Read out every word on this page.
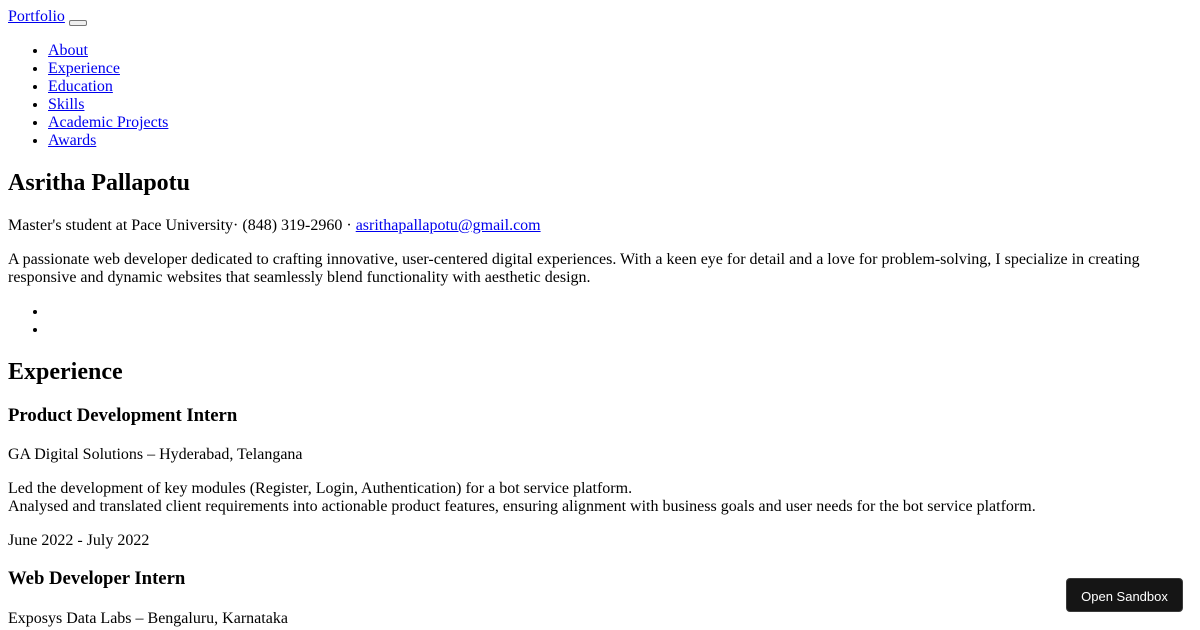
Portfolio
• About
• Experience
• Education
• Skills
• Academic Projects
• Awards
Asritha Pallapotu
Master's student at Pace University· (848) 319-2960 · asrithapallapotu@gmail.com

A passionate web developer dedicated to crafting innovative, user-centered digital experiences. With a keen eye for detail and a love for problem-solving, I specialize in creating responsive and dynamic websites that seamlessly blend functionality with aesthetic design.

Experience
Product Development Intern

GA Digital Solutions – Hyderabad, Telangana

Led the development of key modules (Register, Login, Authentication) for a bot service platform.

Analysed and translated client requirements into actionable product features, ensuring alignment with business goals and user needs for the bot service platform.

June 2022 - July 2022

Web Developer Intern

Exposys Data Labs – Bengaluru, Karnataka

Open Sandbox
